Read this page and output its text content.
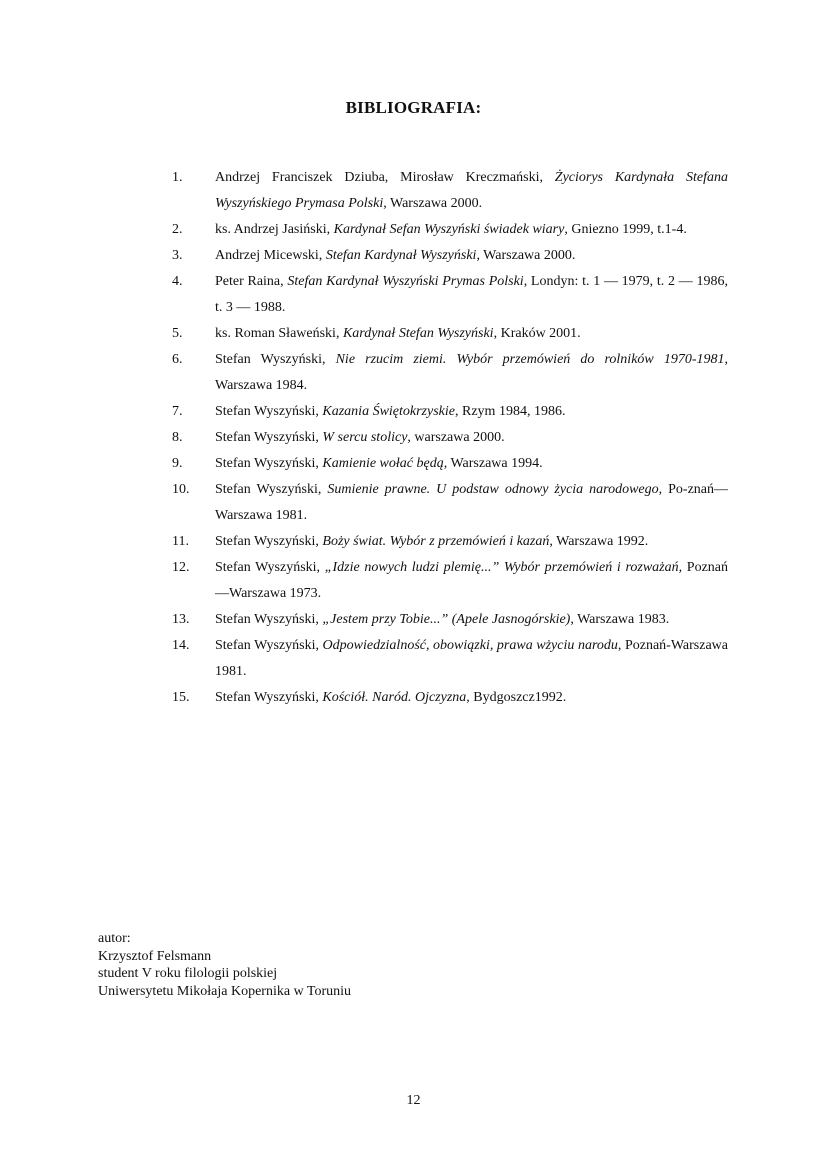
BIBLIOGRAFIA:
1.	Andrzej Franciszek Dziuba, Mirosław Kreczmański, Życiorys Kardynała Stefana Wyszyńskiego Prymasa Polski, Warszawa 2000.
2.	ks. Andrzej Jasiński, Kardynał Sefan Wyszyński świadek wiary, Gniezno 1999, t.1-4.
3.	Andrzej Micewski, Stefan Kardynał Wyszyński, Warszawa 2000.
4.	Peter Raina, Stefan Kardynał Wyszyński Prymas Polski, Londyn: t. 1 — 1979, t. 2 — 1986, t. 3 — 1988.
5.	ks. Roman Sławeński, Kardynał Stefan Wyszyński, Kraków 2001.
6.	Stefan Wyszyński, Nie rzucim ziemi. Wybór przemówień do rolników 1970-1981, Warszawa 1984.
7.	Stefan Wyszyński, Kazania Świętokrzyskie, Rzym 1984, 1986.
8.	Stefan Wyszyński, W sercu stolicy, warszawa 2000.
9.	Stefan Wyszyński, Kamienie wołać będą, Warszawa 1994.
10.	Stefan Wyszyński, Sumienie prawne. U podstaw odnowy życia narodowego, Po-znań—Warszawa 1981.
11.	Stefan Wyszyński, Boży świat. Wybór z przemówień i kazań, Warszawa 1992.
12.	Stefan Wyszyński, „Idzie nowych ludzi plemię...” Wybór przemówień i rozważań, Poznań—Warszawa 1973.
13.	Stefan Wyszyński, „Jestem przy Tobie...” (Apele Jasnogórskie), Warszawa 1983.
14.	Stefan Wyszyński, Odpowiedzialność, obowiązki, prawa wżyciu narodu, Poznań-Warszawa 1981.
15.	Stefan Wyszyński, Kościół. Naród. Ojczyzna, Bydgoszcz1992.
autor:
Krzysztof Felsmann
student V roku filologii polskiej
Uniwersytetu Mikołaja Kopernika w Toruniu
12
